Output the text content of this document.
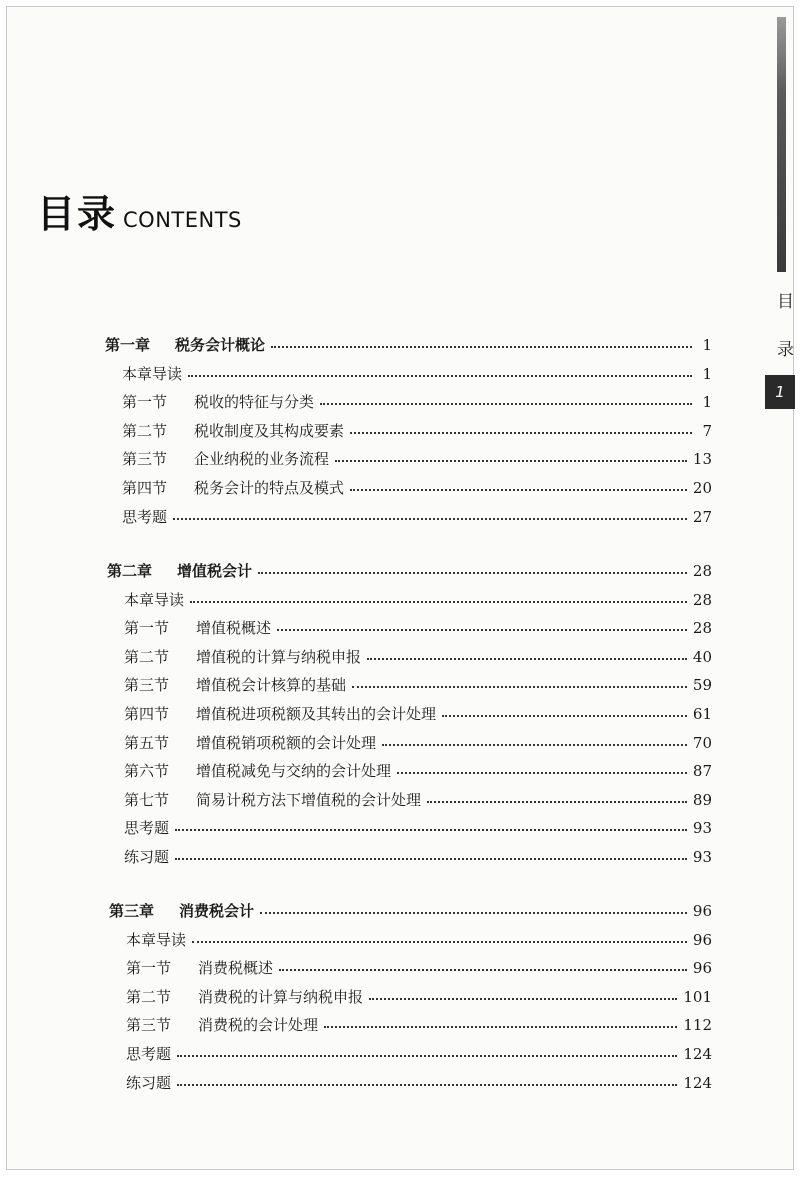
目
录
1
目录 CONTENTS
第一章	税务会计概论	1
本章导读	1
第一节	税收的特征与分类	1
第二节	税收制度及其构成要素	7
第三节	企业纳税的业务流程	13
第四节	税务会计的特点及模式	20
思考题	27
第二章	增值税会计	28
本章导读	28
第一节	增值税概述	28
第二节	增值税的计算与纳税申报	40
第三节	增值税会计核算的基础	59
第四节	增值税进项税额及其转出的会计处理	61
第五节	增值税销项税额的会计处理	70
第六节	增值税减免与交纳的会计处理	87
第七节	简易计税方法下增值税的会计处理	89
思考题	93
练习题	93
第三章	消费税会计	96
本章导读	96
第一节	消费税概述	96
第二节	消费税的计算与纳税申报	101
第三节	消费税的会计处理	112
思考题	124
练习题	124
